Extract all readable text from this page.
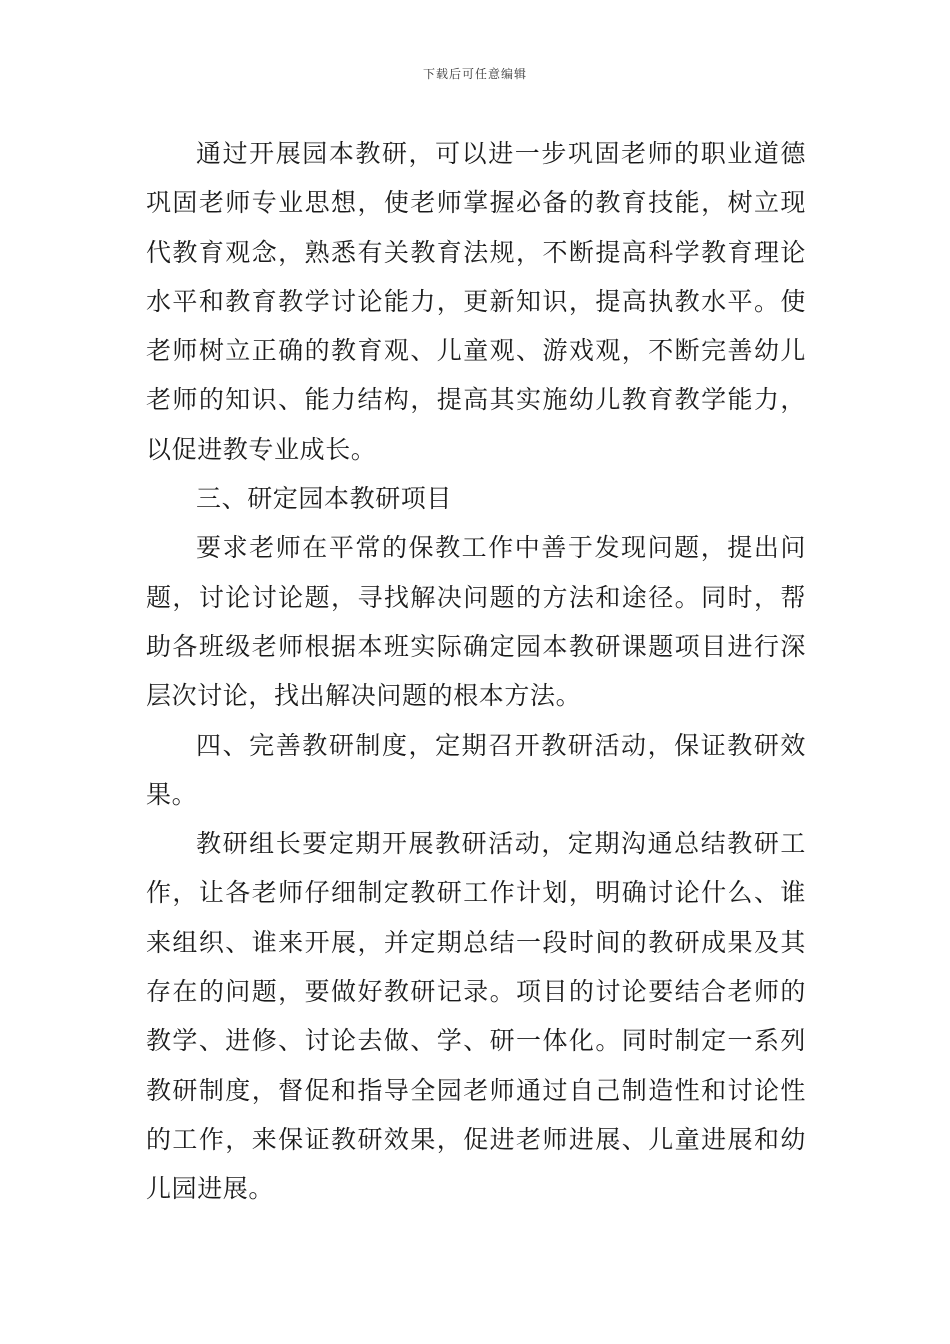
下载后可任意编辑

通过开展园本教研，可以进一步巩固老师的职业道德巩固老师专业思想，使老师掌握必备的教育技能，树立现代教育观念，熟悉有关教育法规，不断提高科学教育理论水平和教育教学讨论能力，更新知识，提高执教水平。使老师树立正确的教育观、儿童观、游戏观，不断完善幼儿老师的知识、能力结构，提高其实施幼儿教育教学能力，以促进教专业成长。

三、研定园本教研项目

要求老师在平常的保教工作中善于发现问题，提出问题，讨论讨论题，寻找解决问题的方法和途径。同时，帮助各班级老师根据本班实际确定园本教研课题项目进行深层次讨论，找出解决问题的根本方法。

四、完善教研制度，定期召开教研活动，保证教研效果。

教研组长要定期开展教研活动，定期沟通总结教研工作，让各老师仔细制定教研工作计划，明确讨论什么、谁来组织、谁来开展，并定期总结一段时间的教研成果及其存在的问题，要做好教研记录。项目的讨论要结合老师的教学、进修、讨论去做、学、研一体化。同时制定一系列教研制度，督促和指导全园老师通过自己制造性和讨论性的工作，来保证教研效果，促进老师进展、儿童进展和幼儿园进展。
